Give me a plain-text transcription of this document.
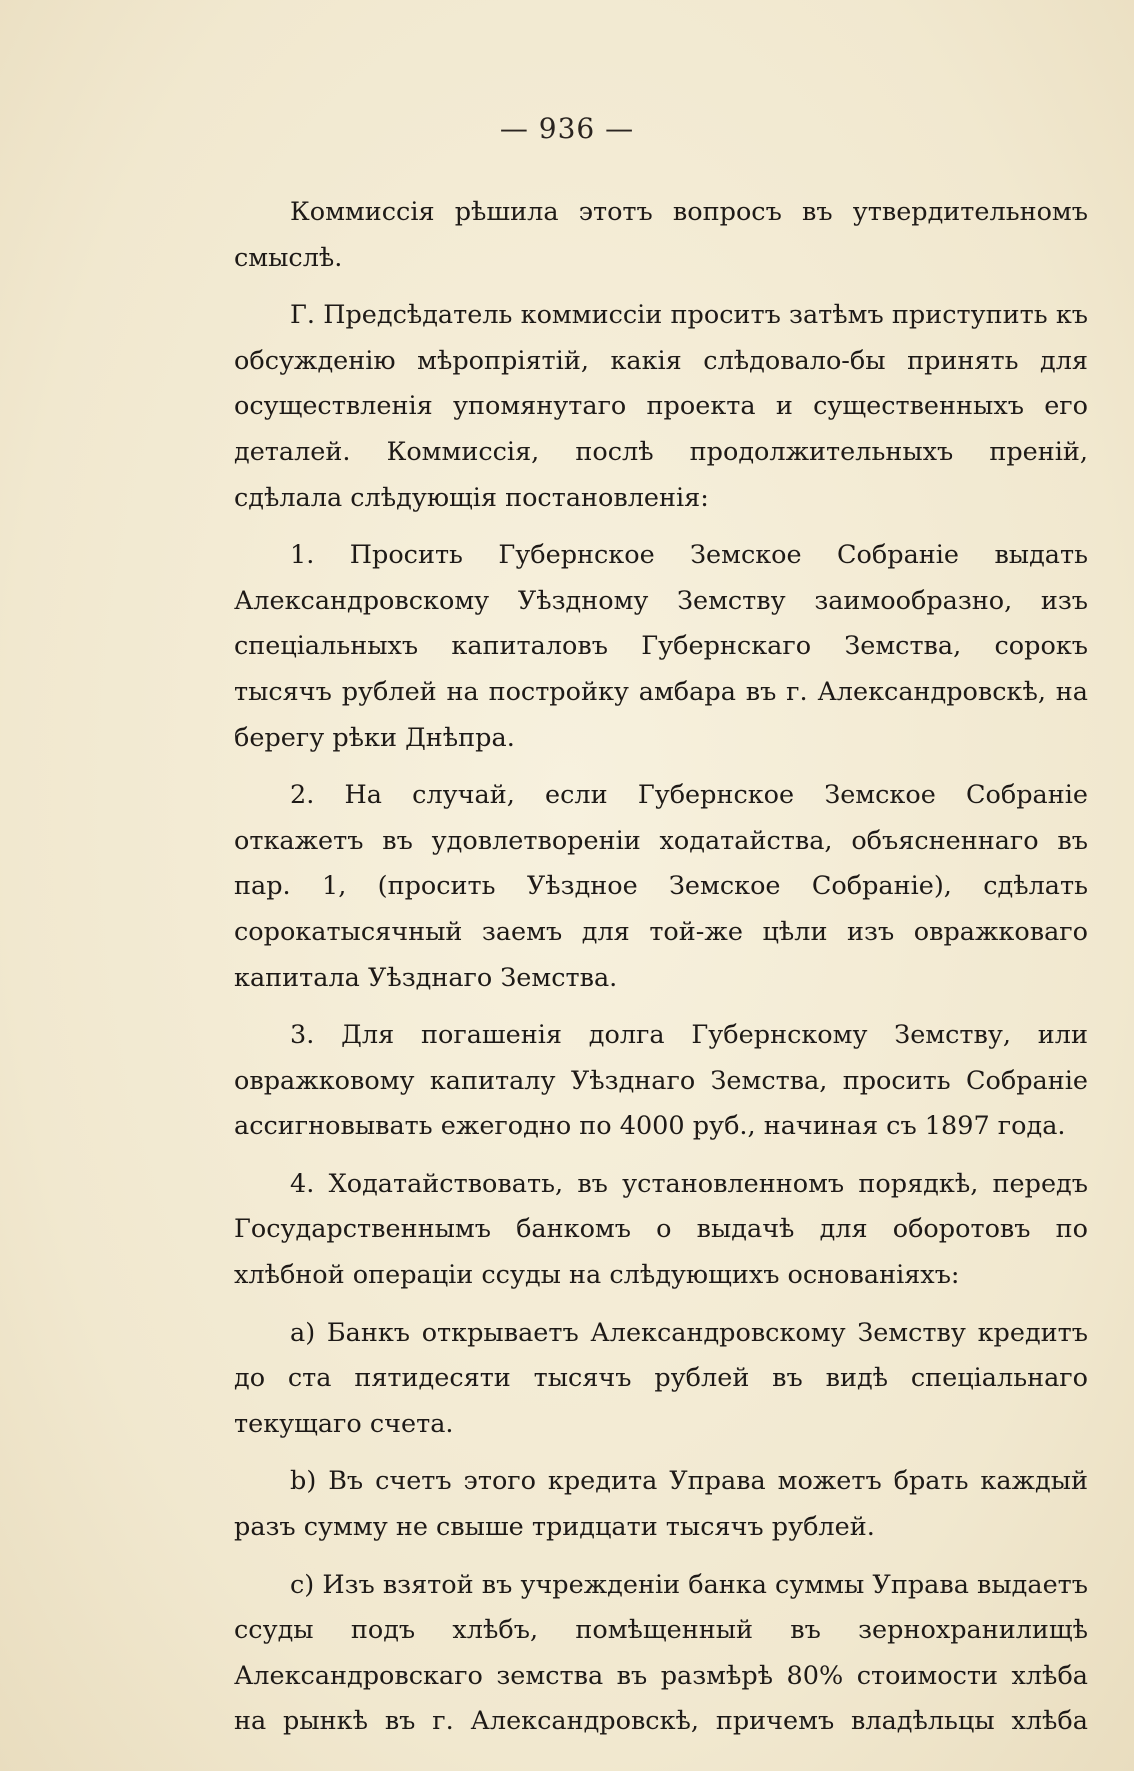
— 936 —

Коммиссія рѣшила этотъ вопросъ въ утвердительномъ смыслѣ.

Г. Предсѣдатель коммиссіи проситъ затѣмъ приступить къ обсужденію мѣропріятій, какія слѣдовало-бы принять для осуществленія упомянутаго проекта и существенныхъ его деталей. Коммиссія, послѣ продолжительныхъ преній, сдѣлала слѣдующія постановленія:

1. Просить Губернское Земское Собраніе выдать Александровскому Уѣздному Земству заимообразно, изъ спеціальныхъ капиталовъ Губернскаго Земства, сорокъ тысячъ рублей на постройку амбара въ г. Александровскѣ, на берегу рѣки Днѣпра.

2. На случай, если Губернское Земское Собраніе откажетъ въ удовлетвореніи ходатайства, объясненнаго въ пар. 1, (просить Уѣздное Земское Собраніе), сдѣлать сорокатысячный заемъ для той-же цѣли изъ овражковаго капитала Уѣзднаго Земства.

3. Для погашенія долга Губернскому Земству, или овражковому капиталу Уѣзднаго Земства, просить Собраніе ассигновывать ежегодно по 4000 руб., начиная съ 1897 года.

4. Ходатайствовать, въ установленномъ порядкѣ, передъ Государственнымъ банкомъ о выдачѣ для оборотовъ по хлѣбной операціи ссуды на слѣдующихъ основаніяхъ:

a) Банкъ открываетъ Александровскому Земству кредитъ до ста пятидесяти тысячъ рублей въ видѣ спеціальнаго текущаго счета.

b) Въ счетъ этого кредита Управа можетъ брать каждый разъ сумму не свыше тридцати тысячъ рублей.

c) Изъ взятой въ учрежденіи банка суммы Управа выдаетъ ссуды подъ хлѣбъ, помѣщенный въ зернохранилищѣ Александровскаго земства въ размѣрѣ 80% стоимости хлѣба на рынкѣ въ г. Александровскѣ, причемъ владѣльцы хлѣба
